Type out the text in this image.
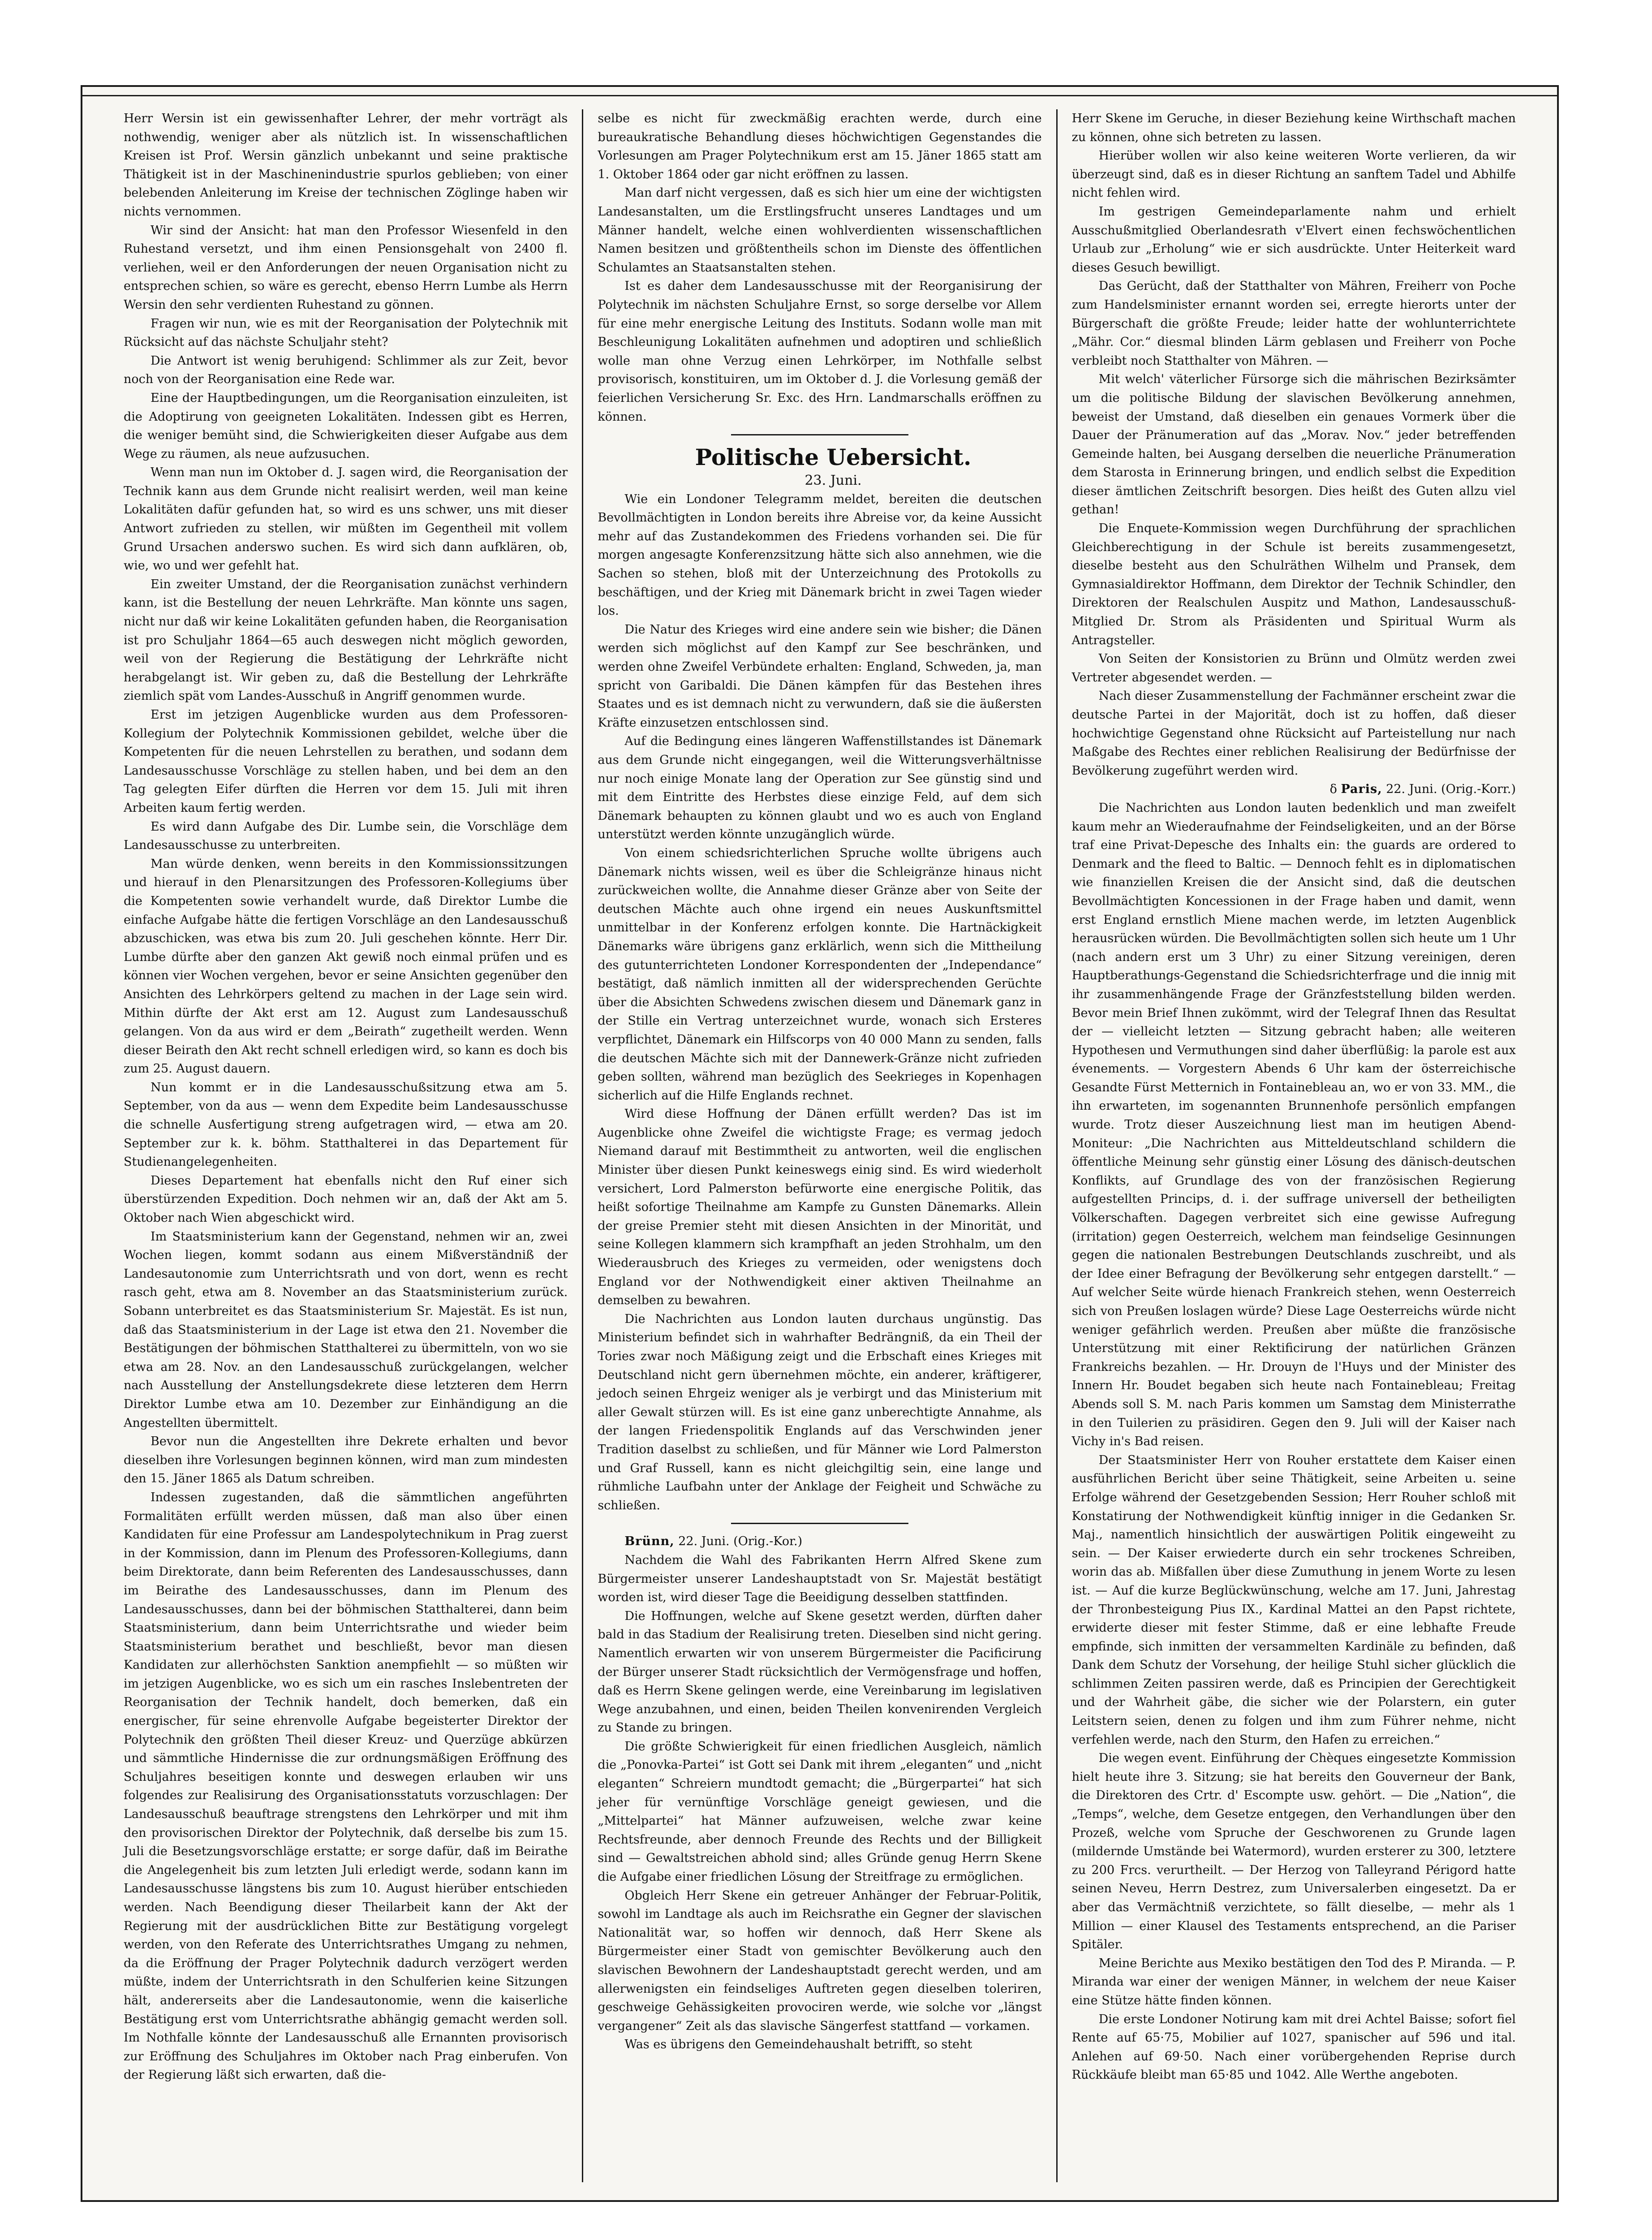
Herr Wersin ist ein gewissenhafter Lehrer, der mehr vorträgt als nothwendig, weniger aber als nützlich ist. In wissenschaftlichen Kreisen ist Prof. Wersin gänzlich unbekannt und seine praktische Thätigkeit ist in der Maschinenindustrie spurlos geblieben; von einer belebenden Anleiterung im Kreise der technischen Zöglinge haben wir nichts vernommen.

Wir sind der Ansicht: hat man den Professor Wiesenfeld in den Ruhestand versetzt, und ihm einen Pensionsgehalt von 2400 fl. verliehen, weil er den Anforderungen der neuen Organisation nicht zu entsprechen schien, so wäre es gerecht, ebenso Herrn Lumbe als Herrn Wersin den sehr verdienten Ruhestand zu gönnen.

Fragen wir nun, wie es mit der Reorganisation der Polytechnik mit Rücksicht auf das nächste Schuljahr steht?

Die Antwort ist wenig beruhigend: Schlimmer als zur Zeit, bevor noch von der Reorganisation eine Rede war.

Eine der Hauptbedingungen, um die Reorganisation einzuleiten, ist die Adoptirung von geeigneten Lokalitäten. Indessen gibt es Herren, die weniger bemüht sind, die Schwierigkeiten dieser Aufgabe aus dem Wege zu räumen, als neue aufzusuchen.

Wenn man nun im Oktober d. J. sagen wird, die Reorganisation der Technik kann aus dem Grunde nicht realisirt werden, weil man keine Lokalitäten dafür gefunden hat, so wird es uns schwer, uns mit dieser Antwort zufrieden zu stellen, wir müßten im Gegentheil mit vollem Grund Ursachen anderswo suchen. Es wird sich dann aufklären, ob, wie, wo und wer gefehlt hat.

Ein zweiter Umstand, der die Reorganisation zunächst verhindern kann, ist die Bestellung der neuen Lehrkräfte. Man könnte uns sagen, nicht nur daß wir keine Lokalitäten gefunden haben, die Reorganisation ist pro Schuljahr 1864—65 auch deswegen nicht möglich geworden, weil von der Regierung die Bestätigung der Lehrkräfte nicht herabgelangt ist. Wir geben zu, daß die Bestellung der Lehrkräfte ziemlich spät vom Landes-Ausschuß in Angriff genommen wurde.

Erst im jetzigen Augenblicke wurden aus dem Professoren-Kollegium der Polytechnik Kommissionen gebildet, welche über die Kompetenten für die neuen Lehrstellen zu berathen, und sodann dem Landesausschusse Vorschläge zu stellen haben, und bei dem an den Tag gelegten Eifer dürften die Herren vor dem 15. Juli mit ihren Arbeiten kaum fertig werden.

Es wird dann Aufgabe des Dir. Lumbe sein, die Vorschläge dem Landesausschusse zu unterbreiten.

Man würde denken, wenn bereits in den Kommissionssitzungen und hierauf in den Plenarsitzungen des Professoren-Kollegiums über die Kompetenten sowie verhandelt wurde, daß Direktor Lumbe die einfache Aufgabe hätte die fertigen Vorschläge an den Landesausschuß abzuschicken, was etwa bis zum 20. Juli geschehen könnte. Herr Dir. Lumbe dürfte aber den ganzen Akt gewiß noch einmal prüfen und es können vier Wochen vergehen, bevor er seine Ansichten gegenüber den Ansichten des Lehrkörpers geltend zu machen in der Lage sein wird. Mithin dürfte der Akt erst am 12. August zum Landesausschuß gelangen. Von da aus wird er dem „Beirath“ zugetheilt werden. Wenn dieser Beirath den Akt recht schnell erledigen wird, so kann es doch bis zum 25. August dauern.

Nun kommt er in die Landesausschußsitzung etwa am 5. September, von da aus — wenn dem Expedite beim Landesausschusse die schnelle Ausfertigung streng aufgetragen wird, — etwa am 20. September zur k. k. böhm. Statthalterei in das Departement für Studienangelegenheiten.

Dieses Departement hat ebenfalls nicht den Ruf einer sich überstürzenden Expedition. Doch nehmen wir an, daß der Akt am 5. Oktober nach Wien abgeschickt wird.

Im Staatsministerium kann der Gegenstand, nehmen wir an, zwei Wochen liegen, kommt sodann aus einem Mißverständniß der Landesautonomie zum Unterrichtsrath und von dort, wenn es recht rasch geht, etwa am 8. November an das Staatsministerium zurück. Sobann unterbreitet es das Staatsministerium Sr. Majestät. Es ist nun, daß das Staatsministerium in der Lage ist etwa den 21. November die Bestätigungen der böhmischen Statthalterei zu übermitteln, von wo sie etwa am 28. Nov. an den Landesausschuß zurückgelangen, welcher nach Ausstellung der Anstellungsdekrete diese letzteren dem Herrn Direktor Lumbe etwa am 10. Dezember zur Einhändigung an die Angestellten übermittelt.

Bevor nun die Angestellten ihre Dekrete erhalten und bevor dieselben ihre Vorlesungen beginnen können, wird man zum mindesten den 15. Jäner 1865 als Datum schreiben.

Indessen zugestanden, daß die sämmtlichen angeführten Formalitäten erfüllt werden müssen, daß man also über einen Kandidaten für eine Professur am Landespolytechnikum in Prag zuerst in der Kommission, dann im Plenum des Professoren-Kollegiums, dann beim Direktorate, dann beim Referenten des Landesausschusses, dann im Beirathe des Landesausschusses, dann im Plenum des Landesausschusses, dann bei der böhmischen Statthalterei, dann beim Staatsministerium, dann beim Unterrichtsrathe und wieder beim Staatsministerium berathet und beschließt, bevor man diesen Kandidaten zur allerhöchsten Sanktion anempfiehlt — so müßten wir im jetzigen Augenblicke, wo es sich um ein rasches Inslebentreten der Reorganisation der Technik handelt, doch bemerken, daß ein energischer, für seine ehrenvolle Aufgabe begeisterter Direktor der Polytechnik den größten Theil dieser Kreuz- und Querzüge abkürzen und sämmtliche Hindernisse die zur ordnungsmäßigen Eröffnung des Schuljahres beseitigen konnte und deswegen erlauben wir uns folgendes zur Realisirung des Organisationsstatuts vorzuschlagen: Der Landesausschuß beauftrage strengstens den Lehrkörper und mit ihm den provisorischen Direktor der Polytechnik, daß derselbe bis zum 15. Juli die Besetzungsvorschläge erstatte; er sorge dafür, daß im Beirathe die Angelegenheit bis zum letzten Juli erledigt werde, sodann kann im Landesausschusse längstens bis zum 10. August hierüber entschieden werden. Nach Beendigung dieser Theilarbeit kann der Akt der Regierung mit der ausdrücklichen Bitte zur Bestätigung vorgelegt werden, von den Referate des Unterrichtsrathes Umgang zu nehmen, da die Eröffnung der Prager Polytechnik dadurch verzögert werden müßte, indem der Unterrichtsrath in den Schulferien keine Sitzungen hält, andererseits aber die Landesautonomie, wenn die kaiserliche Bestätigung erst vom Unterrichtsrathe abhängig gemacht werden soll. Im Nothfalle könnte der Landesausschuß alle Ernannten provisorisch zur Eröffnung des Schuljahres im Oktober nach Prag einberufen. Von der Regierung läßt sich erwarten, daß die-

selbe es nicht für zweckmäßig erachten werde, durch eine bureaukratische Behandlung dieses höchwichtigen Gegenstandes die Vorlesungen am Prager Polytechnikum erst am 15. Jäner 1865 statt am 1. Oktober 1864 oder gar nicht eröffnen zu lassen.

Man darf nicht vergessen, daß es sich hier um eine der wichtigsten Landesanstalten, um die Erstlingsfrucht unseres Landtages und um Männer handelt, welche einen wohlverdienten wissenschaftlichen Namen besitzen und größtentheils schon im Dienste des öffentlichen Schulamtes an Staatsanstalten stehen.

Ist es daher dem Landesausschusse mit der Reorganisirung der Polytechnik im nächsten Schuljahre Ernst, so sorge derselbe vor Allem für eine mehr energische Leitung des Instituts. Sodann wolle man mit Beschleunigung Lokalitäten aufnehmen und adoptiren und schließlich wolle man ohne Verzug einen Lehrkörper, im Nothfalle selbst provisorisch, konstituiren, um im Oktober d. J. die Vorlesung gemäß der feierlichen Versicherung Sr. Exc. des Hrn. Landmarschalls eröffnen zu können.

Politische Uebersicht.

23. Juni.

Wie ein Londoner Telegramm meldet, bereiten die deutschen Bevollmächtigten in London bereits ihre Abreise vor, da keine Aussicht mehr auf das Zustandekommen des Friedens vorhanden sei. Die für morgen angesagte Konferenzsitzung hätte sich also annehmen, wie die Sachen so stehen, bloß mit der Unterzeichnung des Protokolls zu beschäftigen, und der Krieg mit Dänemark bricht in zwei Tagen wieder los.

Die Natur des Krieges wird eine andere sein wie bisher; die Dänen werden sich möglichst auf den Kampf zur See beschränken, und werden ohne Zweifel Verbündete erhalten: England, Schweden, ja, man spricht von Garibaldi. Die Dänen kämpfen für das Bestehen ihres Staates und es ist demnach nicht zu verwundern, daß sie die äußersten Kräfte einzusetzen entschlossen sind.

Auf die Bedingung eines längeren Waffenstillstandes ist Dänemark aus dem Grunde nicht eingegangen, weil die Witterungsverhältnisse nur noch einige Monate lang der Operation zur See günstig sind und mit dem Eintritte des Herbstes diese einzige Feld, auf dem sich Dänemark behaupten zu können glaubt und wo es auch von England unterstützt werden könnte unzugänglich würde.

Von einem schiedsrichterlichen Spruche wollte übrigens auch Dänemark nichts wissen, weil es über die Schleigränze hinaus nicht zurückweichen wollte, die Annahme dieser Gränze aber von Seite der deutschen Mächte auch ohne irgend ein neues Auskunftsmittel unmittelbar in der Konferenz erfolgen konnte. Die Hartnäckigkeit Dänemarks wäre übrigens ganz erklärlich, wenn sich die Mittheilung des gutunterrichteten Londoner Korrespondenten der „Independance“ bestätigt, daß nämlich inmitten all der widersprechenden Gerüchte über die Absichten Schwedens zwischen diesem und Dänemark ganz in der Stille ein Vertrag unterzeichnet wurde, wonach sich Ersteres verpflichtet, Dänemark ein Hilfscorps von 40 000 Mann zu senden, falls die deutschen Mächte sich mit der Dannewerk-Gränze nicht zufrieden geben sollten, während man bezüglich des Seekrieges in Kopenhagen sicherlich auf die Hilfe Englands rechnet.

Wird diese Hoffnung der Dänen erfüllt werden? Das ist im Augenblicke ohne Zweifel die wichtigste Frage; es vermag jedoch Niemand darauf mit Bestimmtheit zu antworten, weil die englischen Minister über diesen Punkt keineswegs einig sind. Es wird wiederholt versichert, Lord Palmerston befürworte eine energische Politik, das heißt sofortige Theilnahme am Kampfe zu Gunsten Dänemarks. Allein der greise Premier steht mit diesen Ansichten in der Minorität, und seine Kollegen klammern sich krampfhaft an jeden Strohhalm, um den Wiederausbruch des Krieges zu vermeiden, oder wenigstens doch England vor der Nothwendigkeit einer aktiven Theilnahme an demselben zu bewahren.

Die Nachrichten aus London lauten durchaus ungünstig. Das Ministerium befindet sich in wahrhafter Bedrängniß, da ein Theil der Tories zwar noch Mäßigung zeigt und die Erbschaft eines Krieges mit Deutschland nicht gern übernehmen möchte, ein anderer, kräftigerer, jedoch seinen Ehrgeiz weniger als je verbirgt und das Ministerium mit aller Gewalt stürzen will. Es ist eine ganz unberechtigte Annahme, als der langen Friedenspolitik Englands auf das Verschwinden jener Tradition daselbst zu schließen, und für Männer wie Lord Palmerston und Graf Russell, kann es nicht gleichgiltig sein, eine lange und rühmliche Laufbahn unter der Anklage der Feigheit und Schwäche zu schließen.

Brünn, 22. Juni. (Orig.-Kor.)

Nachdem die Wahl des Fabrikanten Herrn Alfred Skene zum Bürgermeister unserer Landeshauptstadt von Sr. Majestät bestätigt worden ist, wird dieser Tage die Beeidigung desselben stattfinden.

Die Hoffnungen, welche auf Skene gesetzt werden, dürften daher bald in das Stadium der Realisirung treten. Dieselben sind nicht gering. Namentlich erwarten wir von unserem Bürgermeister die Pacificirung der Bürger unserer Stadt rücksichtlich der Vermögensfrage und hoffen, daß es Herrn Skene gelingen werde, eine Vereinbarung im legislativen Wege anzubahnen, und einen, beiden Theilen konvenirenden Vergleich zu Stande zu bringen.

Die größte Schwierigkeit für einen friedlichen Ausgleich, nämlich die „Ponovka-Partei“ ist Gott sei Dank mit ihrem „eleganten“ und „nicht eleganten“ Schreiern mundtodt gemacht; die „Bürgerpartei“ hat sich jeher für vernünftige Vorschläge geneigt gewiesen, und die „Mittelpartei“ hat Männer aufzuweisen, welche zwar keine Rechtsfreunde, aber dennoch Freunde des Rechts und der Billigkeit sind — Gewaltstreichen abhold sind; alles Gründe genug Herrn Skene die Aufgabe einer friedlichen Lösung der Streitfrage zu ermöglichen.

Obgleich Herr Skene ein getreuer Anhänger der Februar-Politik, sowohl im Landtage als auch im Reichsrathe ein Gegner der slavischen Nationalität war, so hoffen wir dennoch, daß Herr Skene als Bürgermeister einer Stadt von gemischter Bevölkerung auch den slavischen Bewohnern der Landeshauptstadt gerecht werden, und am allerwenigsten ein feindseliges Auftreten gegen dieselben toleriren, geschweige Gehässigkeiten provociren werde, wie solche vor „längst vergangener“ Zeit als das slavische Sängerfest stattfand — vorkamen.

Was es übrigens den Gemeindehaushalt betrifft, so steht

Herr Skene im Geruche, in dieser Beziehung keine Wirthschaft machen zu können, ohne sich betreten zu lassen.

Hierüber wollen wir also keine weiteren Worte verlieren, da wir überzeugt sind, daß es in dieser Richtung an sanftem Tadel und Abhilfe nicht fehlen wird.

Im gestrigen Gemeindeparlamente nahm und erhielt Ausschußmitglied Oberlandesrath v'Elvert einen fechswöchentlichen Urlaub zur „Erholung“ wie er sich ausdrückte. Unter Heiterkeit ward dieses Gesuch bewilligt.

Das Gerücht, daß der Statthalter von Mähren, Freiherr von Poche zum Handelsminister ernannt worden sei, erregte hierorts unter der Bürgerschaft die größte Freude; leider hatte der wohlunterrichtete „Mähr. Cor.“ diesmal blinden Lärm geblasen und Freiherr von Poche verbleibt noch Statthalter von Mähren. —

Mit welch' väterlicher Fürsorge sich die mährischen Bezirksämter um die politische Bildung der slavischen Bevölkerung annehmen, beweist der Umstand, daß dieselben ein genaues Vormerk über die Dauer der Pränumeration auf das „Morav. Nov.“ jeder betreffenden Gemeinde halten, bei Ausgang derselben die neuerliche Pränumeration dem Starosta in Erinnerung bringen, und endlich selbst die Expedition dieser ämtlichen Zeitschrift besorgen. Dies heißt des Guten allzu viel gethan!

Die Enquete-Kommission wegen Durchführung der sprachlichen Gleichberechtigung in der Schule ist bereits zusammengesetzt, dieselbe besteht aus den Schulräthen Wilhelm und Pransek, dem Gymnasialdirektor Hoffmann, dem Direktor der Technik Schindler, den Direktoren der Realschulen Auspitz und Mathon, Landesausschuß-Mitglied Dr. Strom als Präsidenten und Spiritual Wurm als Antragsteller.

Von Seiten der Konsistorien zu Brünn und Olmütz werden zwei Vertreter abgesendet werden. —

Nach dieser Zusammenstellung der Fachmänner erscheint zwar die deutsche Partei in der Majorität, doch ist zu hoffen, daß dieser hochwichtige Gegenstand ohne Rücksicht auf Parteistellung nur nach Maßgabe des Rechtes einer reblichen Realisirung der Bedürfnisse der Bevölkerung zugeführt werden wird.

δ Paris, 22. Juni. (Orig.-Korr.)

Die Nachrichten aus London lauten bedenklich und man zweifelt kaum mehr an Wiederaufnahme der Feindseligkeiten, und an der Börse traf eine Privat-Depesche des Inhalts ein: the guards are ordered to Denmark and the fleed to Baltic. — Dennoch fehlt es in diplomatischen wie finanziellen Kreisen die der Ansicht sind, daß die deutschen Bevollmächtigten Koncessionen in der Frage haben und damit, wenn erst England ernstlich Miene machen werde, im letzten Augenblick herausrücken würden. Die Bevollmächtigten sollen sich heute um 1 Uhr (nach andern erst um 3 Uhr) zu einer Sitzung vereinigen, deren Hauptberathungs-Gegenstand die Schiedsrichterfrage und die innig mit ihr zusammenhängende Frage der Gränzfeststellung bilden werden. Bevor mein Brief Ihnen zukömmt, wird der Telegraf Ihnen das Resultat der — vielleicht letzten — Sitzung gebracht haben; alle weiteren Hypothesen und Vermuthungen sind daher überflüßig: la parole est aux évenements. — Vorgestern Abends 6 Uhr kam der österreichische Gesandte Fürst Metternich in Fontainebleau an, wo er von 33. MM., die ihn erwarteten, im sogenannten Brunnenhofe persönlich empfangen wurde. Trotz dieser Auszeichnung liest man im heutigen Abend-Moniteur: „Die Nachrichten aus Mitteldeutschland schildern die öffentliche Meinung sehr günstig einer Lösung des dänisch-deutschen Konflikts, auf Grundlage des von der französischen Regierung aufgestellten Princips, d. i. der suffrage universell der betheiligten Völkerschaften. Dagegen verbreitet sich eine gewisse Aufregung (irritation) gegen Oesterreich, welchem man feindselige Gesinnungen gegen die nationalen Bestrebungen Deutschlands zuschreibt, und als der Idee einer Befragung der Bevölkerung sehr entgegen darstellt.“ — Auf welcher Seite würde hienach Frankreich stehen, wenn Oesterreich sich von Preußen loslagen würde? Diese Lage Oesterreichs würde nicht weniger gefährlich werden. Preußen aber müßte die französische Unterstützung mit einer Rektificirung der natürlichen Gränzen Frankreichs bezahlen. — Hr. Drouyn de l'Huys und der Minister des Innern Hr. Boudet begaben sich heute nach Fontainebleau; Freitag Abends soll S. M. nach Paris kommen um Samstag dem Ministerrathe in den Tuilerien zu präsidiren. Gegen den 9. Juli will der Kaiser nach Vichy in's Bad reisen.

Der Staatsminister Herr von Rouher erstattete dem Kaiser einen ausführlichen Bericht über seine Thätigkeit, seine Arbeiten u. seine Erfolge während der Gesetzgebenden Session; Herr Rouher schloß mit Konstatirung der Nothwendigkeit künftig inniger in die Gedanken Sr. Maj., namentlich hinsichtlich der auswärtigen Politik eingeweiht zu sein. — Der Kaiser erwiederte durch ein sehr trockenes Schreiben, worin das ab. Mißfallen über diese Zumuthung in jenem Worte zu lesen ist. — Auf die kurze Beglückwünschung, welche am 17. Juni, Jahrestag der Thronbesteigung Pius IX., Kardinal Mattei an den Papst richtete, erwiderte dieser mit fester Stimme, daß er eine lebhafte Freude empfinde, sich inmitten der versammelten Kardinäle zu befinden, daß Dank dem Schutz der Vorsehung, der heilige Stuhl sicher glücklich die schlimmen Zeiten passiren werde, daß es Principien der Gerechtigkeit und der Wahrheit gäbe, die sicher wie der Polarstern, ein guter Leitstern seien, denen zu folgen und ihm zum Führer nehme, nicht verfehlen werde, nach den Sturm, den Hafen zu erreichen.“

Die wegen event. Einführung der Chèques eingesetzte Kommission hielt heute ihre 3. Sitzung; sie hat bereits den Gouverneur der Bank, die Direktoren des Crtr. d' Escompte usw. gehört. — Die „Nation“, die „Temps“, welche, dem Gesetze entgegen, den Verhandlungen über den Prozeß, welche vom Spruche der Geschworenen zu Grunde lagen (mildernde Umstände bei Watermord), wurden ersterer zu 300, letztere zu 200 Frcs. verurtheilt. — Der Herzog von Talleyrand Périgord hatte seinen Neveu, Herrn Destrez, zum Universalerben eingesetzt. Da er aber das Vermächtniß verzichtete, so fällt dieselbe, — mehr als 1 Million — einer Klausel des Testaments entsprechend, an die Pariser Spitäler.

Meine Berichte aus Mexiko bestätigen den Tod des P. Miranda. — P. Miranda war einer der wenigen Männer, in welchem der neue Kaiser eine Stütze hätte finden können.

Die erste Londoner Notirung kam mit drei Achtel Baisse; sofort fiel Rente auf 65·75, Mobilier auf 1027, spanischer auf 596 und ital. Anlehen auf 69·50. Nach einer vorübergehenden Reprise durch Rückkäufe bleibt man 65·85 und 1042. Alle Werthe angeboten.
